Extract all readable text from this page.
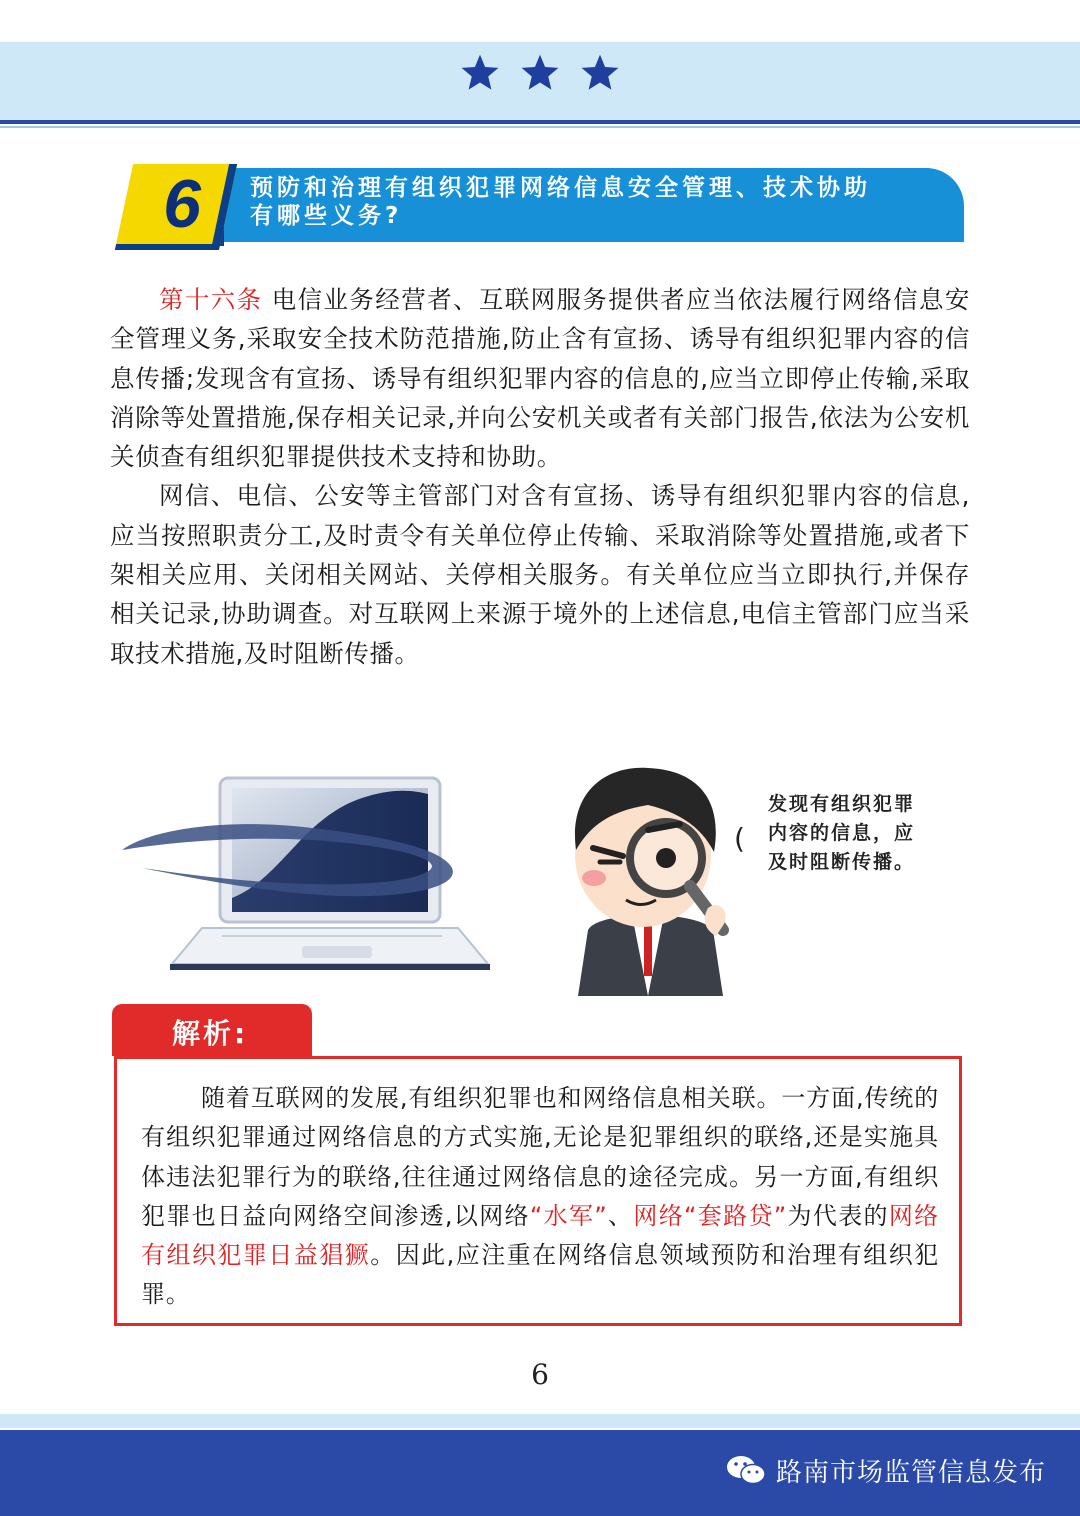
6	预防和治理有组织犯罪网络信息安全管理、技术协助
有哪些义务?

第十六条 电信业务经营者、互联网服务提供者应当依法履行网络信息安全管理义务,采取安全技术防范措施,防止含有宣扬、诱导有组织犯罪内容的信息传播;发现含有宣扬、诱导有组织犯罪内容的信息的,应当立即停止传输,采取消除等处置措施,保存相关记录,并向公安机关或者有关部门报告,依法为公安机关侦查有组织犯罪提供技术支持和协助。

网信、电信、公安等主管部门对含有宣扬、诱导有组织犯罪内容的信息,应当按照职责分工,及时责令有关单位停止传输、采取消除等处置措施,或者下架相关应用、关闭相关网站、关停相关服务。有关单位应当立即执行,并保存相关记录,协助调查。对互联网上来源于境外的上述信息,电信主管部门应当采取技术措施,及时阻断传播。

(
发现有组织犯罪
内容的信息，应
及时阻断传播。
解析:
随着互联网的发展,有组织犯罪也和网络信息相关联。一方面,传统的有组织犯罪通过网络信息的方式实施,无论是犯罪组织的联络,还是实施具体违法犯罪行为的联络,往往通过网络信息的途径完成。另一方面,有组织犯罪也日益向网络空间渗透,以网络“水军”、网络“套路贷”为代表的网络有组织犯罪日益猖獗。因此,应注重在网络信息领域预防和治理有组织犯罪。
6
路南市场监管信息发布
